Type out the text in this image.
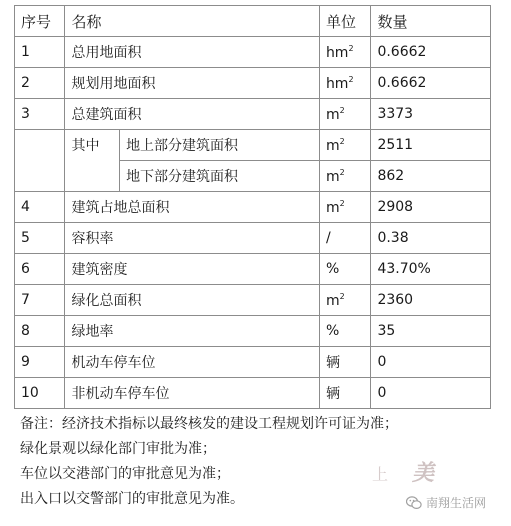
序号	名称		单位	数量
1	总用地面积		$hm^2$	0.6662
2	规划用地面积		$hm^2$	0.6662
3	总建筑面积		$m^2$	3373
	其中	地上部分建筑面积	$m^2$	2511
		地下部分建筑面积	$m^2$	862
4	建筑占地总面积		$m^2$	2908
5	容积率		/	0.38
6	建筑密度		%	43.70%
7	绿化总面积		$m^2$	2360
8	绿地率		%	35
9	机动车停车位		辆	0
10	非机动车停车位		辆	0
备注：经济技术指标以最终核发的建设工程规划许可证为准；
绿化景观以绿化部门审批为准；
车位以交港部门的审批意见为准；
出入口以交警部门的审批意见为准。
上 美
南翔生活网
